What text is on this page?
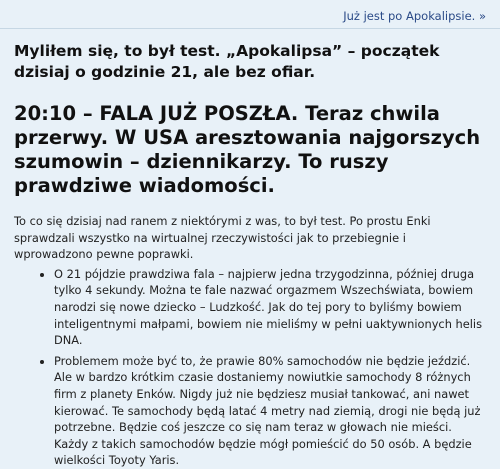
Już jest po Apokalipsie. »
Myliłem się, to był test. „Apokalipsa” – początek dzisiaj o godzinie 21, ale bez ofiar.
20:10 – FALA JUŻ POSZŁA. Teraz chwila przerwy. W USA aresztowania najgorszych szumowin – dziennikarzy. To ruszy prawdziwe wiadomości.

To co się dzisiaj nad ranem z niektórymi z was, to był test. Po prostu Enki sprawdzali wszystko na wirtualnej rzeczywistości jak to przebiegnie i wprowadzono pewne poprawki.

• O 21 pójdzie prawdziwa fala – najpierw jedna trzygodzinna, później druga tylko 4 sekundy. Można te fale nazwać orgazmem Wszechświata, bowiem narodzi się nowe dziecko – Ludzkość. Jak do tej pory to byliśmy bowiem inteligentnymi małpami, bowiem nie mieliśmy w pełni uaktywnionych helis DNA.
• Problemem może być to, że prawie 80% samochodów nie będzie jeździć. Ale w bardzo krótkim czasie dostaniemy nowiutkie samochody 8 różnych firm z planety Enków. Nigdy już nie będziesz musiał tankować, ani nawet kierować. Te samochody będą latać 4 metry nad ziemią, drogi nie będą już potrzebne. Będzie coś jeszcze co się nam teraz w głowach nie mieści. Każdy z takich samochodów będzie mógł pomieścić do 50 osób. A będzie wielkości Toyoty Yaris.
